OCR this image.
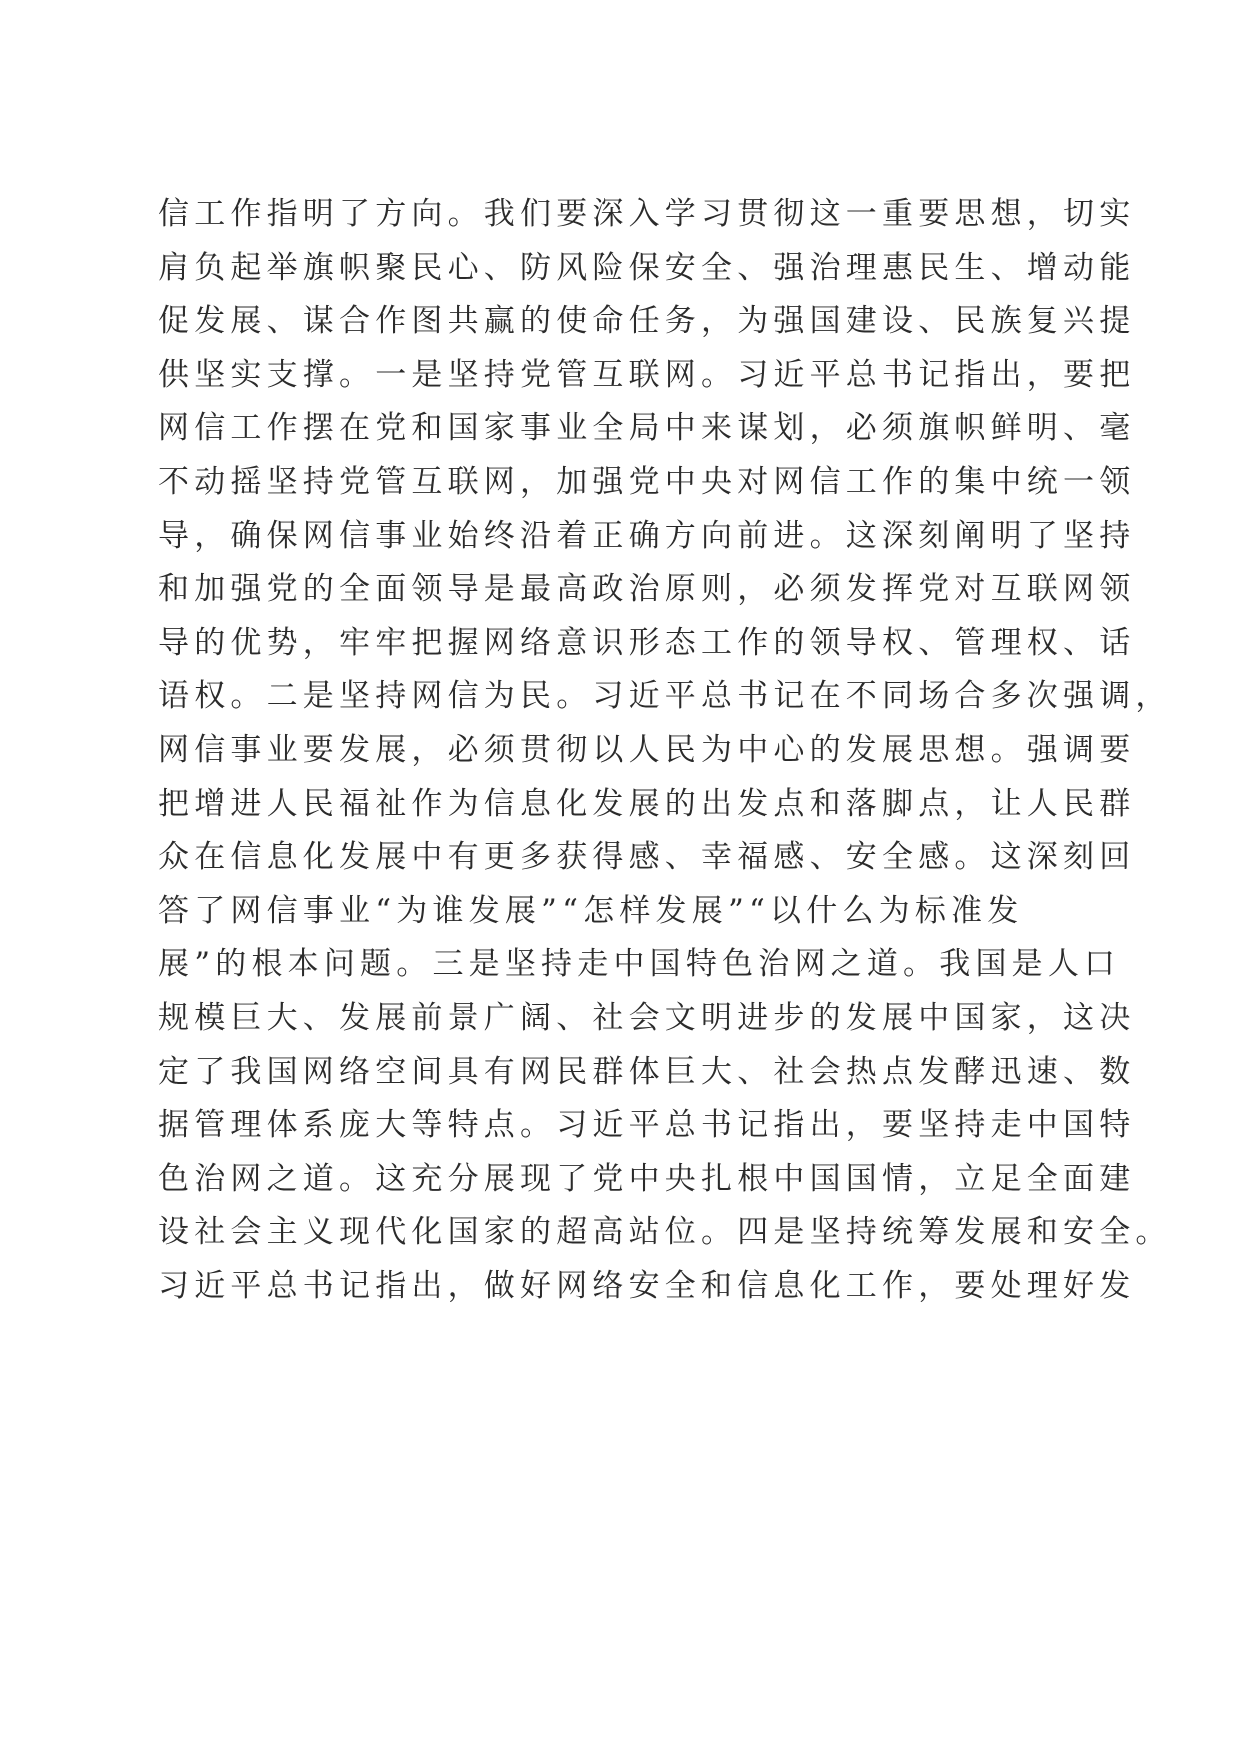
信工作指明了方向。我们要深入学习贯彻这一重要思想，切实
肩负起举旗帜聚民心、防风险保安全、强治理惠民生、增动能
促发展、谋合作图共赢的使命任务，为强国建设、民族复兴提
供坚实支撑。一是坚持党管互联网。习近平总书记指出，要把
网信工作摆在党和国家事业全局中来谋划，必须旗帜鲜明、毫
不动摇坚持党管互联网，加强党中央对网信工作的集中统一领
导，确保网信事业始终沿着正确方向前进。这深刻阐明了坚持
和加强党的全面领导是最高政治原则，必须发挥党对互联网领
导的优势，牢牢把握网络意识形态工作的领导权、管理权、话
语权。二是坚持网信为民。习近平总书记在不同场合多次强调，
网信事业要发展，必须贯彻以人民为中心的发展思想。强调要
把增进人民福祉作为信息化发展的出发点和落脚点，让人民群
众在信息化发展中有更多获得感、幸福感、安全感。这深刻回
答了网信事业“为谁发展”“怎样发展”“以什么为标准发
展”的根本问题。三是坚持走中国特色治网之道。我国是人口
规模巨大、发展前景广阔、社会文明进步的发展中国家，这决
定了我国网络空间具有网民群体巨大、社会热点发酵迅速、数
据管理体系庞大等特点。习近平总书记指出，要坚持走中国特
色治网之道。这充分展现了党中央扎根中国国情，立足全面建
设社会主义现代化国家的超高站位。四是坚持统筹发展和安全。
习近平总书记指出，做好网络安全和信息化工作，要处理好发
